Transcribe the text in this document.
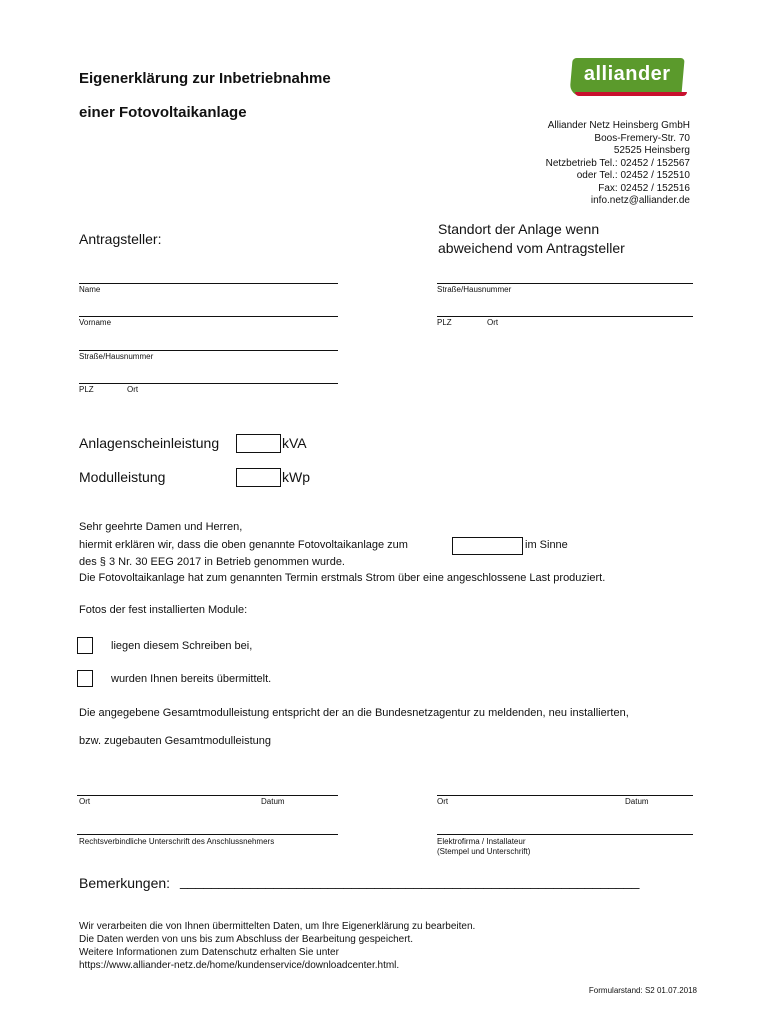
alliander
Eigenerklärung zur Inbetriebnahme
einer Fotovoltaikanlage
Alliander Netz Heinsberg GmbH
Boos-Fremery-Str. 70
52525 Heinsberg
Netzbetrieb Tel.: 02452 / 152567
oder Tel.: 02452 / 152510
Fax: 02452 / 152516
info.netz@alliander.de
Antragsteller:
Standort der Anlage wenn
abweichend vom Antragsteller
Name
Vorname
Straße/Hausnummer
PLZ	Ort
Straße/Hausnummer
PLZ	Ort
Anlagenscheinleistung	kVA
Modulleistung	kWp
Sehr geehrte Damen und Herren,
hiermit erklären wir, dass die oben genannte Fotovoltaikanlage zum	im Sinne
des § 3 Nr. 30 EEG 2017 in Betrieb genommen wurde.
Die Fotovoltaikanlage hat zum genannten Termin erstmals Strom über eine angeschlossene Last produziert.
Fotos der fest installierten Module:
liegen diesem Schreiben bei,
wurden Ihnen bereits übermittelt.
Die angegebene Gesamtmodulleistung entspricht der an die Bundesnetzagentur zu meldenden, neu installierten,
bzw. zugebauten Gesamtmodulleistung
Ort	Datum	Ort	Datum
Rechtsverbindliche Unterschrift des Anschlussnehmers	Elektrofirma / Installateur
(Stempel und Unterschrift)
Bemerkungen: ___________________________________________________________
Wir verarbeiten die von Ihnen übermittelten Daten, um Ihre Eigenerklärung zu bearbeiten.
Die Daten werden von uns bis zum Abschluss der Bearbeitung gespeichert.
Weitere Informationen zum Datenschutz erhalten Sie unter
https://www.alliander-netz.de/home/kundenservice/downloadcenter.html.
Formularstand: S2 01.07.2018
